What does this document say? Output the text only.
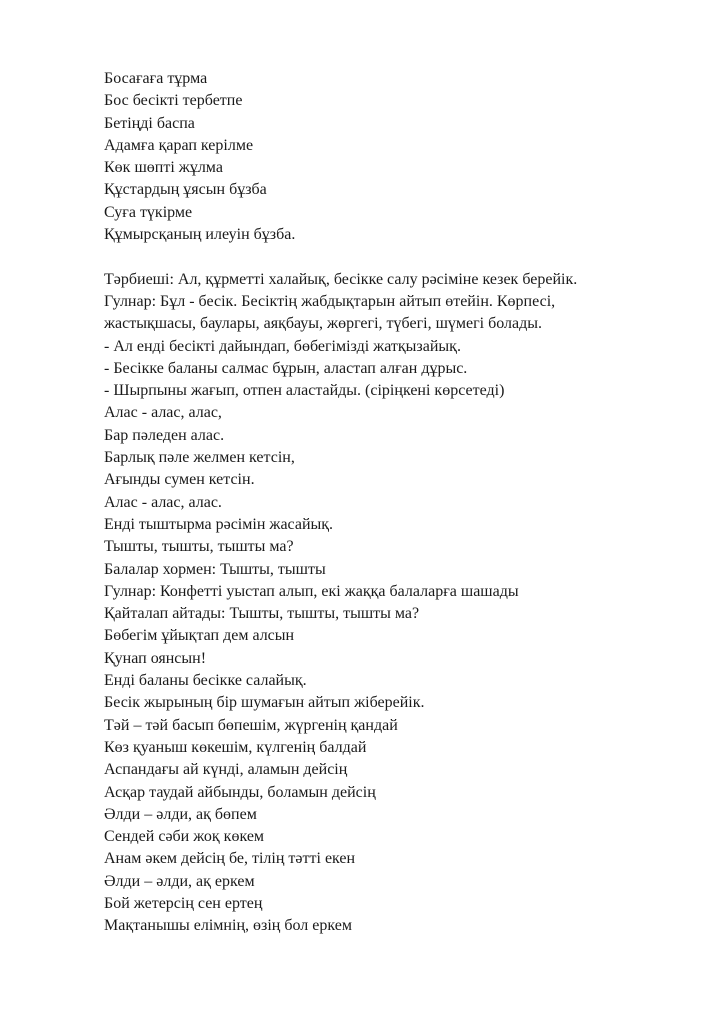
Босағаға тұрма
Бос бесікті тербетпе
Бетіңді баспа
Адамға қарап керілме
Көк шөпті жұлма
Құстардың ұясын бұзба
Суға түкірме
Құмырсқаның илеуін бұзба.
Тәрбиеші: Ал, құрметті халайық, бесікке салу рәсіміне кезек берейік.
Гулнар: Бұл - бесік. Бесіктің жабдықтарын айтып өтейін. Көрпесі,
жастықшасы, баулары, аяқбауы, жөргегі, түбегі, шүмегі болады.
- Ал енді бесікті дайындап, бөбегімізді жатқызайық.
- Бесікке баланы салмас бұрын, аластап алған дұрыс.
- Шырпыны жағып, отпен аластайды. (сіріңкені көрсетеді)
Алас - алас, алас,
Бар пәледен алас.
Барлық пәле желмен кетсін,
Ағынды сумен кетсін.
Алас - алас, алас.
Енді тыштырма рәсімін жасайық.
Тышты, тышты, тышты ма?
Балалар хормен: Тышты, тышты
Гулнар: Конфетті уыстап алып, екі жаққа балаларға шашады
Қайталап айтады: Тышты, тышты, тышты ма?
Бөбегім ұйықтап дем алсын
Қунап оянсын!
Енді баланы бесікке салайық.
Бесік жырының бір шумағын айтып жіберейік.
Тәй – тәй басып бөпешім, жүргенің қандай
Көз қуаныш көкешім, күлгенің балдай
Аспандағы ай күнді, аламын дейсің
Асқар таудай айбынды, боламын дейсің
Әлди – әлди, ақ бөпем
Сендей сәби жоқ көкем
Анам әкем дейсің бе, тілің тәтті екен
Әлди – әлди, ақ еркем
Бой жетерсің сен ертең
Мақтанышы елімнің, өзің бол еркем
